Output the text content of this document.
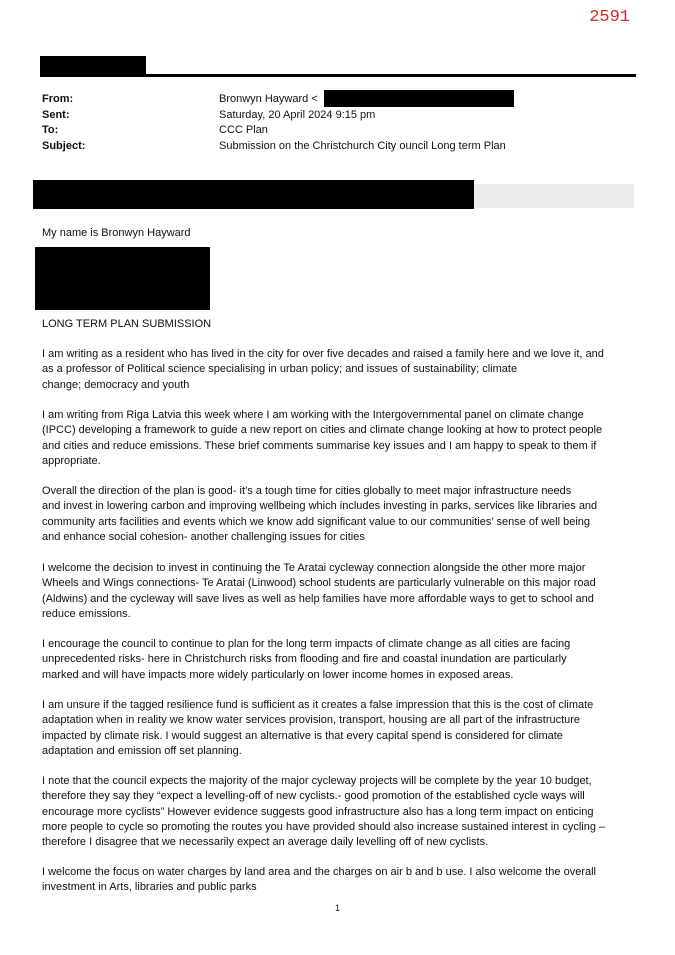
2591
From:	Bronwyn Hayward <
Sent:	Saturday, 20 April 2024 9:15 pm
To:	CCC Plan
Subject:	Submission on the Christchurch City ouncil Long term Plan

My name is Bronwyn Hayward

LONG TERM PLAN SUBMISSION

I am writing as a resident who has lived in the city for over five decades and raised a family here and we love it, and
as a professor of Political science specialising in urban policy; and issues of sustainability; climate
change; democracy and youth

I am writing from Riga Latvia this week where I am working with the Intergovernmental panel on climate change
(IPCC) developing a framework to guide a new report on cities and climate change looking at how to protect people
and cities and reduce emissions. These brief comments summarise key issues and I am happy to speak to them if
appropriate.

Overall the direction of the plan is good- it’s a tough time for cities globally to meet major infrastructure needs
and invest in lowering carbon and improving wellbeing which includes investing in parks, services like libraries and
community arts facilities and events which we know add significant value to our communities’ sense of well being
and enhance social cohesion- another challenging issues for cities

I welcome the decision to invest in continuing the Te Aratai cycleway connection alongside the other more major
Wheels and Wings connections- Te Aratai (Linwood) school students are particularly vulnerable on this major road
(Aldwins) and the cycleway will save lives as well as help families have more affordable ways to get to school and
reduce emissions.

I encourage the council to continue to plan for the long term impacts of climate change as all cities are facing
unprecedented risks- here in Christchurch risks from flooding and fire and coastal inundation are particularly
marked and will have impacts more widely particularly on lower income homes in exposed areas.

I am unsure if the tagged resilience fund is sufficient as it creates a false impression that this is the cost of climate
adaptation when in reality we know water services provision, transport, housing are all part of the infrastructure
impacted by climate risk. I would suggest an alternative is that every capital spend is considered for climate
adaptation and emission off set planning.

I note that the council expects the majority of the major cycleway projects will be complete by the year 10 budget,
therefore they say they “expect a levelling-off of new cyclists.- good promotion of the established cycle ways will
encourage more cyclists” However evidence suggests good infrastructure also has a long term impact on enticing
more people to cycle so promoting the routes you have provided should also increase sustained interest in cycling –
therefore I disagree that we necessarily expect an average daily levelling off of new cyclists.

I welcome the focus on water charges by land area and the charges on air b and b use. I also welcome the overall
investment in Arts, libraries and public parks

1
